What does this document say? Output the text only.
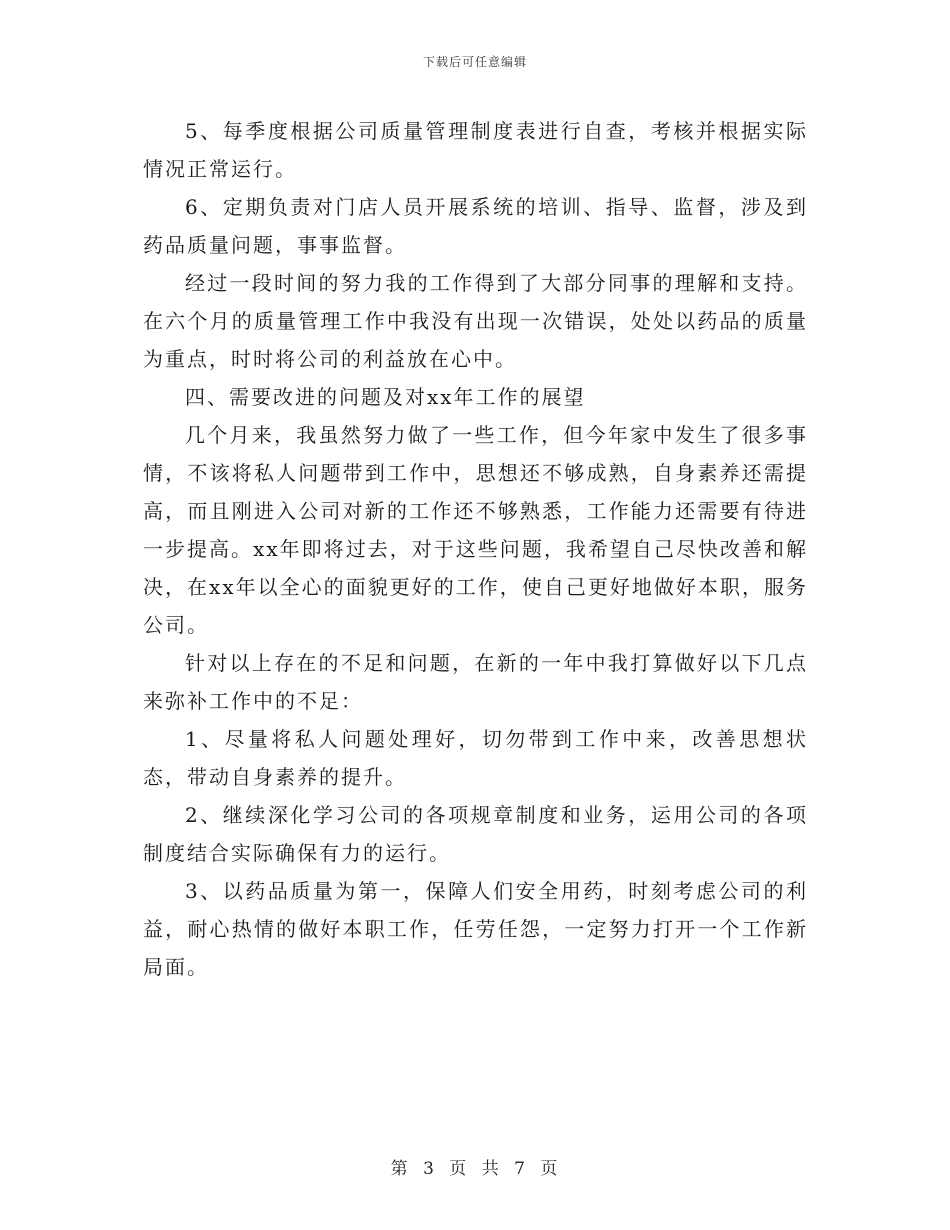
下载后可任意编辑

5、每季度根据公司质量管理制度表进行自查，考核并根据实际情况正常运行。

6、定期负责对门店人员开展系统的培训、指导、监督，涉及到药品质量问题，事事监督。

经过一段时间的努力我的工作得到了大部分同事的理解和支持。在六个月的质量管理工作中我没有出现一次错误，处处以药品的质量为重点，时时将公司的利益放在心中。

四、需要改进的问题及对xx年工作的展望

几个月来，我虽然努力做了一些工作，但今年家中发生了很多事情，不该将私人问题带到工作中，思想还不够成熟，自身素养还需提高，而且刚进入公司对新的工作还不够熟悉，工作能力还需要有待进一步提高。xx年即将过去，对于这些问题，我希望自己尽快改善和解决，在xx年以全心的面貌更好的工作，使自己更好地做好本职，服务公司。

针对以上存在的不足和问题，在新的一年中我打算做好以下几点来弥补工作中的不足：

1、尽量将私人问题处理好，切勿带到工作中来，改善思想状态，带动自身素养的提升。

2、继续深化学习公司的各项规章制度和业务，运用公司的各项制度结合实际确保有力的运行。

3、以药品质量为第一，保障人们安全用药，时刻考虑公司的利益，耐心热情的做好本职工作，任劳任怨，一定努力打开一个工作新局面。

第 3 页 共 7 页
